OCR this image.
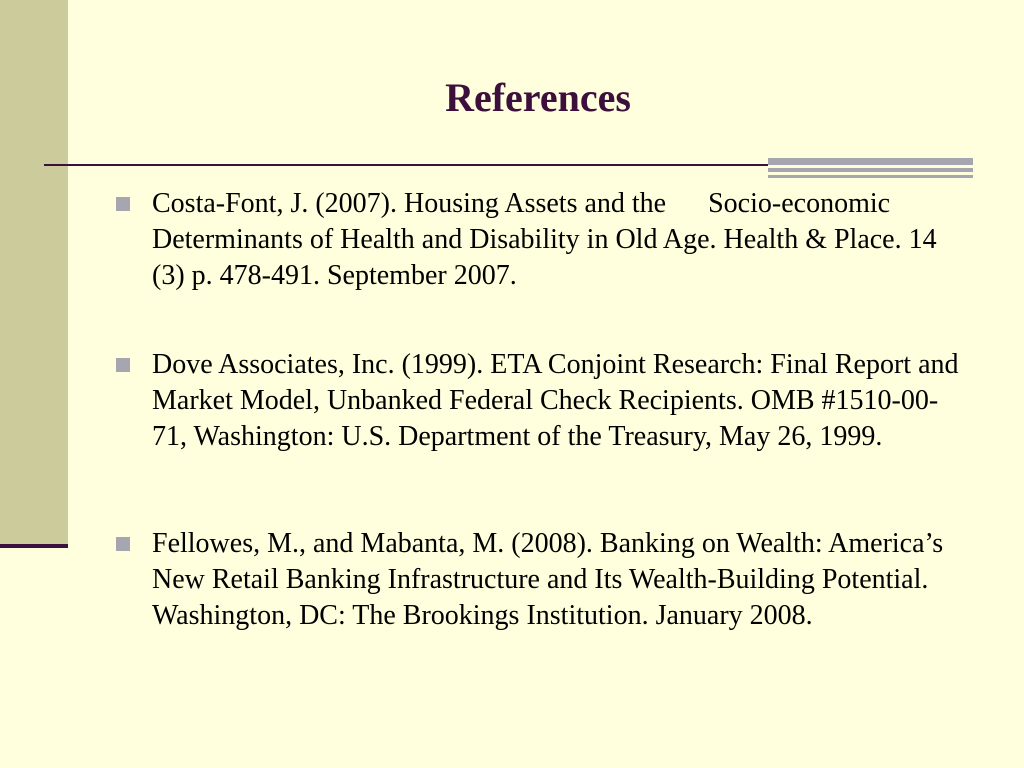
References
Costa-Font, J. (2007). Housing Assets and the      Socio-economic Determinants of Health and Disability in Old Age. Health & Place. 14 (3) p. 478-491. September 2007.
Dove Associates, Inc. (1999). ETA Conjoint Research: Final Report and Market Model, Unbanked Federal Check Recipients. OMB #1510-00-71, Washington: U.S. Department of the Treasury, May 26, 1999.
Fellowes, M., and Mabanta, M. (2008). Banking on Wealth: America’s New Retail Banking Infrastructure and Its Wealth-Building Potential. Washington, DC: The Brookings Institution. January 2008.
